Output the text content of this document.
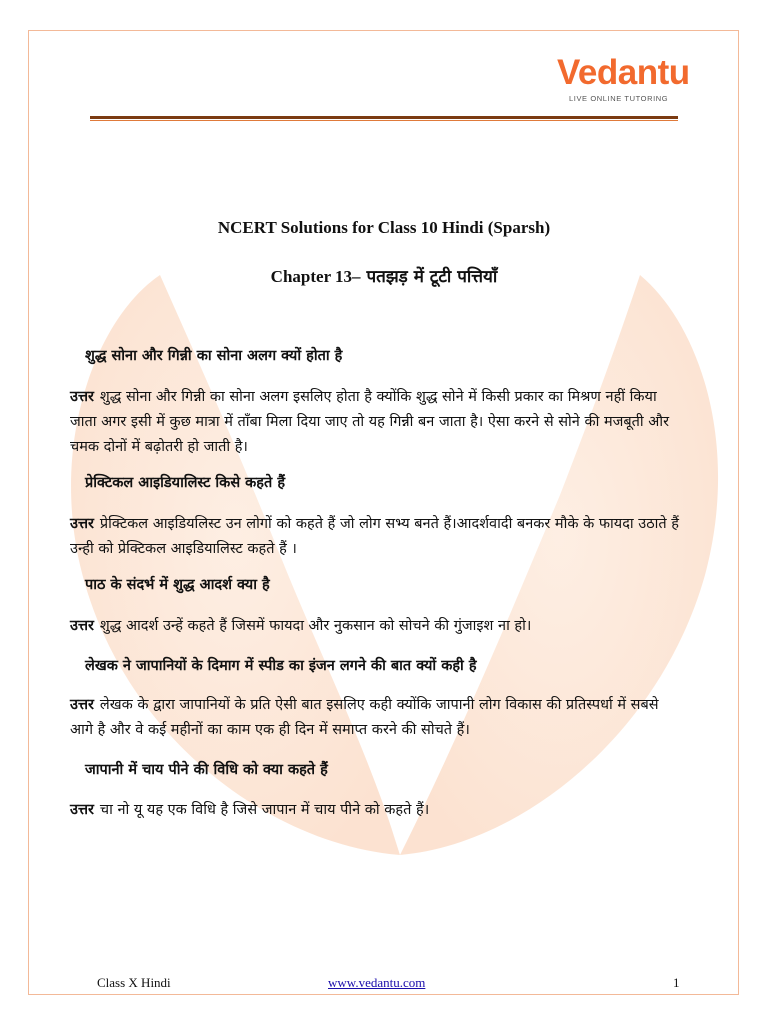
Vedantu
LIVE ONLINE TUTORING
NCERT Solutions for Class 10 Hindi (Sparsh)
Chapter 13– पतझड़ में टूटी पत्तियाँ
शुद्ध सोना और गिन्नी का सोना अलग क्यों होता है
उत्तर शुद्ध सोना और गिन्नी का सोना अलग इसलिए होता है क्योंकि शुद्ध सोने में किसी प्रकार का मिश्रण नहीं किया जाता अगर इसी में कुछ मात्रा में ताँबा मिला दिया जाए तो यह गिन्नी बन जाता है। ऐसा करने से सोने की मजबूती और चमक दोनों में बढ़ोतरी हो जाती है।
प्रेक्टिकल आइडियालिस्ट किसे कहते हैं
उत्तर प्रेक्टिकल आइडियलिस्ट उन लोगों को कहते हैं जो लोग सभ्य बनते हैं।आदर्शवादी बनकर मौके के फायदा उठाते हैं उन्ही को प्रेक्टिकल आइडियालिस्ट कहते हैं ।
पाठ के संदर्भ में शुद्ध आदर्श क्या है
उत्तर शुद्ध आदर्श उन्हें कहते हैं जिसमें फायदा और नुकसान को सोचने की गुंजाइश ना हो।
लेखक ने जापानियों के दिमाग में स्पीड का इंजन लगने की बात क्यों कही है
उत्तर लेखक के द्वारा जापानियों के प्रति ऐसी बात इसलिए कही क्योंकि जापानी लोग विकास की प्रतिस्पर्धा में सबसे आगे है और वे कई महीनों का काम एक ही दिन में समाप्त करने की सोचते हैं।
जापानी में चाय पीने की विधि को क्या कहते हैं
उत्तर चा नो यू यह एक विधि है जिसे जापान में चाय पीने को कहते हैं।
Class X Hindi	www.vedantu.com	1
